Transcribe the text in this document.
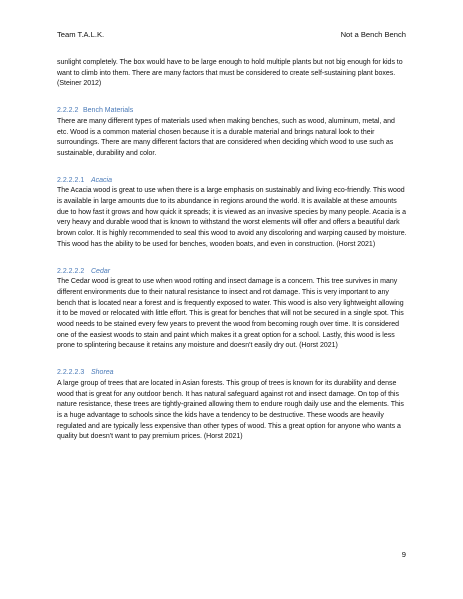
Team T.A.L.K.	Not a Bench Bench

sunlight completely. The box would have to be large enough to hold multiple plants but not big enough for kids to want to climb into them. There are many factors that must be considered to create self-sustaining plant boxes. (Steiner 2012)

2.2.2.2 Bench Materials

There are many different types of materials used when making benches, such as wood, aluminum, metal, and etc. Wood is a common material chosen because it is a durable material and brings natural look to their surroundings. There are many different factors that are considered when deciding which wood to use such as sustainable, durability and color.

2.2.2.2.1 Acacia

The Acacia wood is great to use when there is a large emphasis on sustainably and living eco-friendly. This wood is available in large amounts due to its abundance in regions around the world. It is available at these amounts due to how fast it grows and how quick it spreads; it is viewed as an invasive species by many people. Acacia is a very heavy and durable wood that is known to withstand the worst elements will offer and offers a beautiful dark brown color. It is highly recommended to seal this wood to avoid any discoloring and warping caused by moisture. This wood has the ability to be used for benches, wooden boats, and even in construction. (Horst 2021)

2.2.2.2.2 Cedar

The Cedar wood is great to use when wood rotting and insect damage is a concern. This tree survives in many different environments due to their natural resistance to insect and rot damage. This is very important to any bench that is located near a forest and is frequently exposed to water. This wood is also very lightweight allowing it to be moved or relocated with little effort. This is great for benches that will not be secured in a single spot. This wood needs to be stained every few years to prevent the wood from becoming rough over time. It is considered one of the easiest woods to stain and paint which makes it a great option for a school. Lastly, this wood is less prone to splintering because it retains any moisture and doesn't easily dry out. (Horst 2021)

2.2.2.2.3 Shorea

A large group of trees that are located in Asian forests. This group of trees is known for its durability and dense wood that is great for any outdoor bench. It has natural safeguard against rot and insect damage. On top of this nature resistance, these trees are tightly-grained allowing them to endure rough daily use and the elements. This is a huge advantage to schools since the kids have a tendency to be destructive. These woods are heavily regulated and are typically less expensive than other types of wood. This a great option for anyone who wants a quality but doesn't want to pay premium prices. (Horst 2021)

9
